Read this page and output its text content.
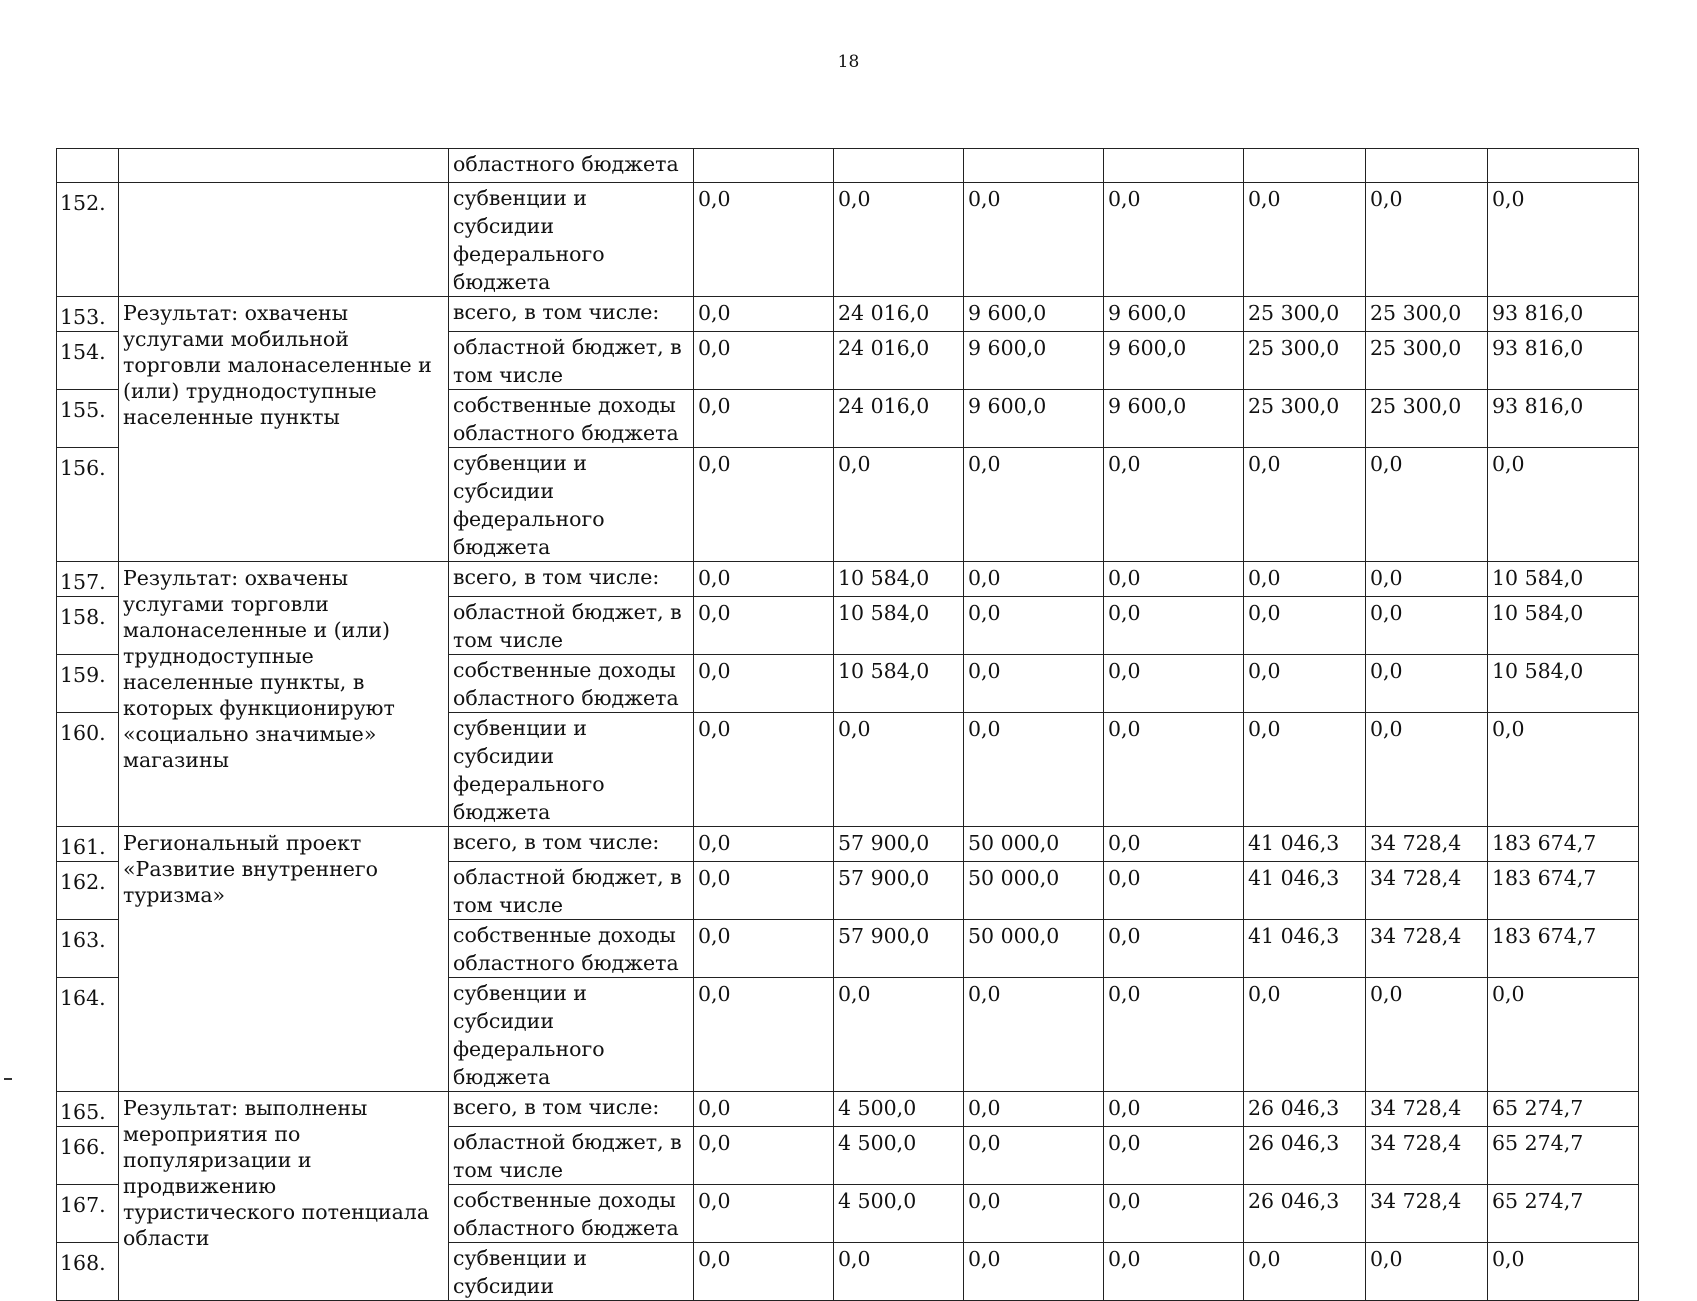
18
		областного бюджета							
152.		субвенции и субсидии федерального бюджета	0,0	0,0	0,0	0,0	0,0	0,0	0,0
153.	Результат: охвачены услугами мобильной торговли малонаселенные и (или) труднодоступные населенные пункты	всего, в том числе:	0,0	24 016,0	9 600,0	9 600,0	25 300,0	25 300,0	93 816,0
154.		областной бюджет, в том числе	0,0	24 016,0	9 600,0	9 600,0	25 300,0	25 300,0	93 816,0
155.		собственные доходы областного бюджета	0,0	24 016,0	9 600,0	9 600,0	25 300,0	25 300,0	93 816,0
156.		субвенции и субсидии федерального бюджета	0,0	0,0	0,0	0,0	0,0	0,0	0,0
157.	Результат: охвачены услугами торговли малонаселенные и (или) труднодоступные населенные пункты, в которых функционируют «социально значимые» магазины	всего, в том числе:	0,0	10 584,0	0,0	0,0	0,0	0,0	10 584,0
158.		областной бюджет, в том числе	0,0	10 584,0	0,0	0,0	0,0	0,0	10 584,0
159.		собственные доходы областного бюджета	0,0	10 584,0	0,0	0,0	0,0	0,0	10 584,0
160.		субвенции и субсидии федерального бюджета	0,0	0,0	0,0	0,0	0,0	0,0	0,0
161.	Региональный проект «Развитие внутреннего туризма»	всего, в том числе:	0,0	57 900,0	50 000,0	0,0	41 046,3	34 728,4	183 674,7
162.		областной бюджет, в том числе	0,0	57 900,0	50 000,0	0,0	41 046,3	34 728,4	183 674,7
163.		собственные доходы областного бюджета	0,0	57 900,0	50 000,0	0,0	41 046,3	34 728,4	183 674,7
164.		субвенции и субсидии федерального бюджета	0,0	0,0	0,0	0,0	0,0	0,0	0,0
165.	Результат: выполнены мероприятия по популяризации и продвижению туристического потенциала области	всего, в том числе:	0,0	4 500,0	0,0	0,0	26 046,3	34 728,4	65 274,7
166.		областной бюджет, в том числе	0,0	4 500,0	0,0	0,0	26 046,3	34 728,4	65 274,7
167.		собственные доходы областного бюджета	0,0	4 500,0	0,0	0,0	26 046,3	34 728,4	65 274,7
168.		субвенции и субсидии	0,0	0,0	0,0	0,0	0,0	0,0	0,0
